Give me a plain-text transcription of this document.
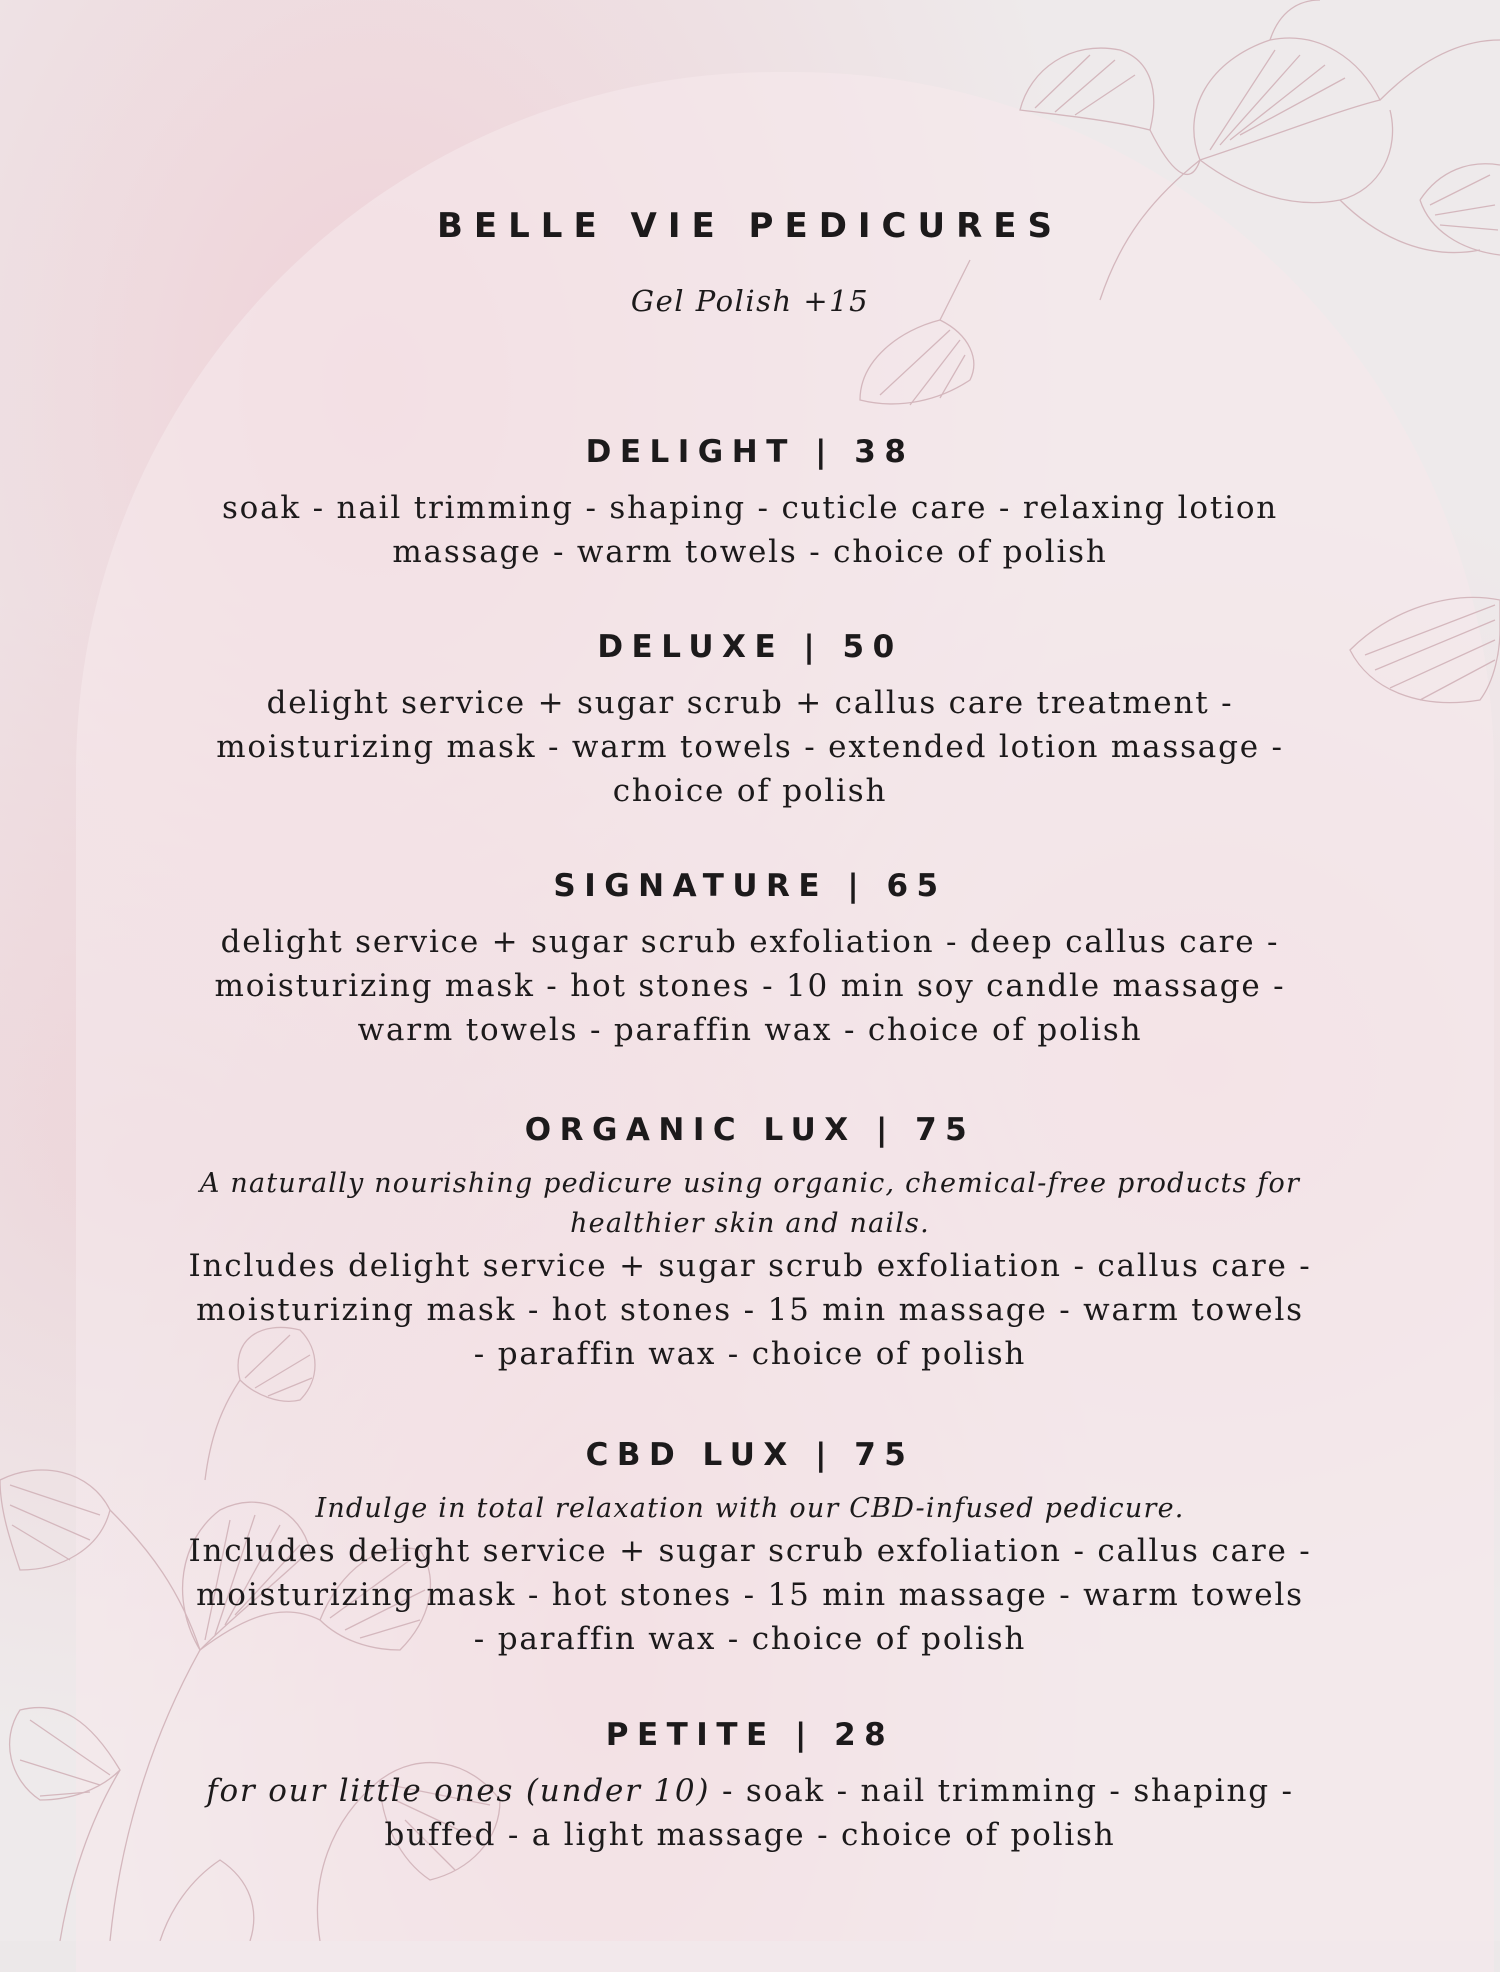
BELLE VIE PEDICURES
Gel Polish +15
DELIGHT | 38

soak - nail trimming - shaping - cuticle care - relaxing lotion massage - warm towels - choice of polish

DELUXE | 50

delight service + sugar scrub + callus care treatment - moisturizing mask - warm towels - extended lotion massage - choice of polish

SIGNATURE | 65

delight service + sugar scrub exfoliation - deep callus care - moisturizing mask - hot stones - 10 min soy candle massage - warm towels - paraffin wax - choice of polish

ORGANIC LUX | 75

A naturally nourishing pedicure using organic, chemical-free products for healthier skin and nails.

Includes delight service + sugar scrub exfoliation - callus care - moisturizing mask - hot stones - 15 min massage - warm towels - paraffin wax - choice of polish

CBD LUX | 75

Indulge in total relaxation with our CBD-infused pedicure.

Includes delight service + sugar scrub exfoliation - callus care - moisturizing mask - hot stones - 15 min massage - warm towels - paraffin wax - choice of polish

PETITE | 28

for our little ones (under 10) - soak - nail trimming - shaping - buffed - a light massage - choice of polish
